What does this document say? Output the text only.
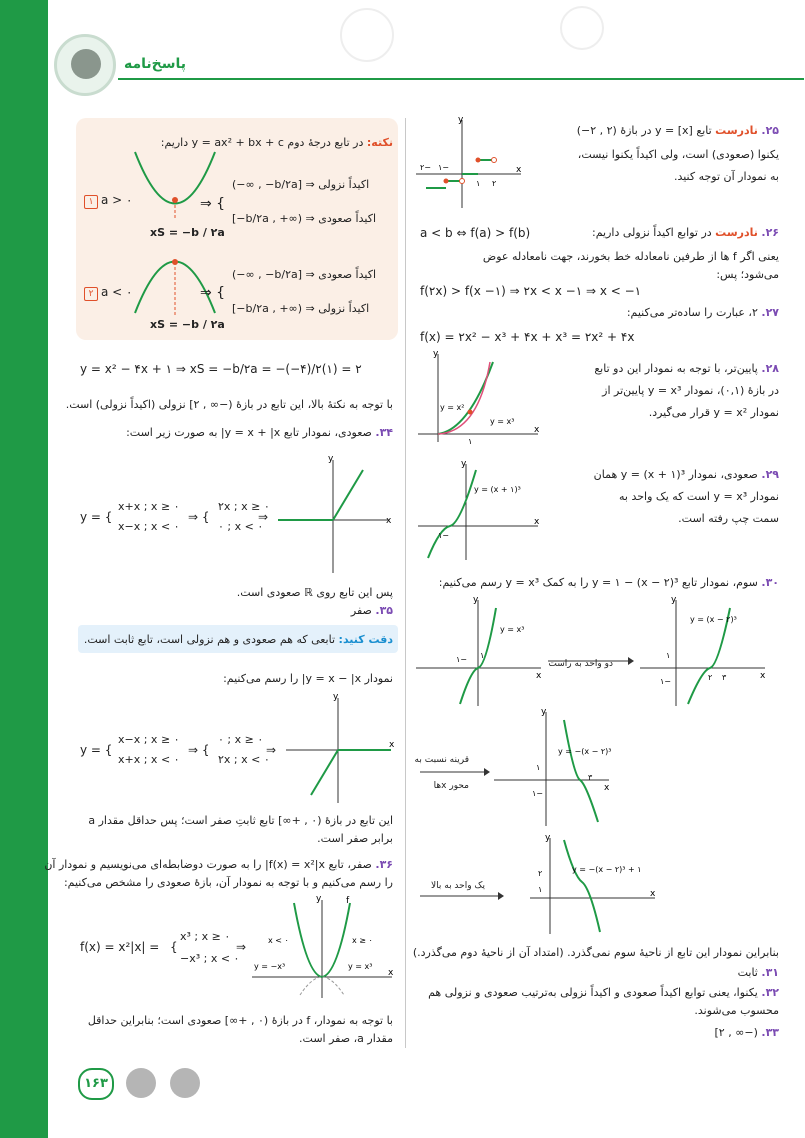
پاسخ‌نامه
نکته: در تابع درجهٔ دوم y = ax² + bx + c داریم:
۱ a > ۰
xS = −b / ۲a
⇒ {
(−∞ , −b/۲a] ⇒ اکیداً نزولی
[−b/۲a , +∞) ⇒ اکیداً صعودی
۲ a < ۰
xS = −b / ۲a
⇒ {
(−∞ , −b/۲a] ⇒ اکیداً صعودی
[−b/۲a , +∞) ⇒ اکیداً نزولی
y = x² − ۴x + ۱ ⇒ xS = −b/۲a = −(−۴)/۲(۱) = ۲
با توجه به نکتهٔ بالا، این تابع در بازهٔ (−∞ , ۲] نزولی (اکیداً نزولی) است.
۳۴. صعودی، نمودار تابع y = x + |x| به صورت زیر است:
y = {
x+x ; x ≥ ۰
x−x ; x < ۰
⇒ {
۲x ; x ≥ ۰
۰ ; x < ۰
⇒
y
x
پس این تابع روی ℝ صعودی است.
۳۵. صفر
دقت کنید: تابعی که هم صعودی و هم نزولی است، تابع ثابت است.
نمودار y = x − |x| را رسم می‌کنیم:
y = {
x−x ; x ≥ ۰
x+x ; x < ۰
⇒ {
۰ ; x ≥ ۰
۲x ; x < ۰
⇒
y
x
این تابع در بازهٔ (۰ , +∞] تابع ثابتِ صفر است؛ پس حداقل مقدار a
برابر صفر است.
۳۶. صفر، تابع f(x) = x²|x| را به صورت دوضابطه‌ای می‌نویسیم و نمودار آن
را رسم می‌کنیم و با توجه به نمودار آن، بازهٔ صعودی را مشخص می‌کنیم:
f(x) = x²|x| = {
x³ ; x ≥ ۰
−x³ ; x < ۰
⇒
y
x
f
x < ۰	x ≥ ۰
y = −x³	y = x³
با توجه به نمودار، f در بازهٔ (۰ , +∞] صعودی است؛ بنابراین حداقل
مقدار a، صفر است.
y
x
۱ ۲
۱−
۲−
۲۵. نادرست تابع y = [x] در بازهٔ (۲ , ۲−)
یکنوا (صعودی) است، ولی اکیداً یکنوا نیست،
به نمودار آن توجه کنید.
a < b ⇔ f(a) > f(b)	۲۶. نادرست در توابع اکیداً نزولی داریم:
یعنی اگر f ها از طرفین نامعادله خط بخورند، جهت نامعادله عوض
می‌شود؛ پس:
f(۲x) > f(x −۱) ⇒ ۲x < x −۱ ⇒ x < −۱
۲۷. ۲، عبارت را ساده‌تر می‌کنیم:
f(x) = ۲x² − x³ + ۴x + x³ = ۲x² + ۴x
y
x
y = x²
y = x³
۱
۲۸. پایین‌تر، با توجه به نمودار این دو تابع
در بازهٔ (۰,۱)، نمودار y = x³ پایین‌تر از
نمودار y = x² قرار می‌گیرد.
y
x
y = (x + ۱)³
۱−
۲۹. صعودی، نمودار y = (x + ۱)³ همان
نمودار y = x³ است که یک واحد به
سمت چپ رفته است.
۳۰. سوم، نمودار تابع y = ۱ − (x − ۲)³ را به کمک y = x³ رسم می‌کنیم:
y
x
y = x³
۱
۱−	دو واحد به راست
y
x
y = (x − ۲)³
۱
۱−	۲ ۳
y
x
y = −(x − ۲)³
۱
۱−
۳
قرینه نسبت به
محور xها
y
x
y = −(x − ۲)³ + ۱
۲
۱
یک واحد به بالا
بنابراین نمودار این تابع از ناحیهٔ سوم نمی‌گذرد. (امتداد آن از ناحیهٔ دوم می‌گذرد.)
۳۱. ثابت
۳۲. یکنوا، یعنی توابع اکیداً صعودی و اکیداً نزولی به‌ترتیب صعودی و نزولی هم
محسوب می‌شوند.
۳۳. (−∞ , ۲]
۱۶۳
